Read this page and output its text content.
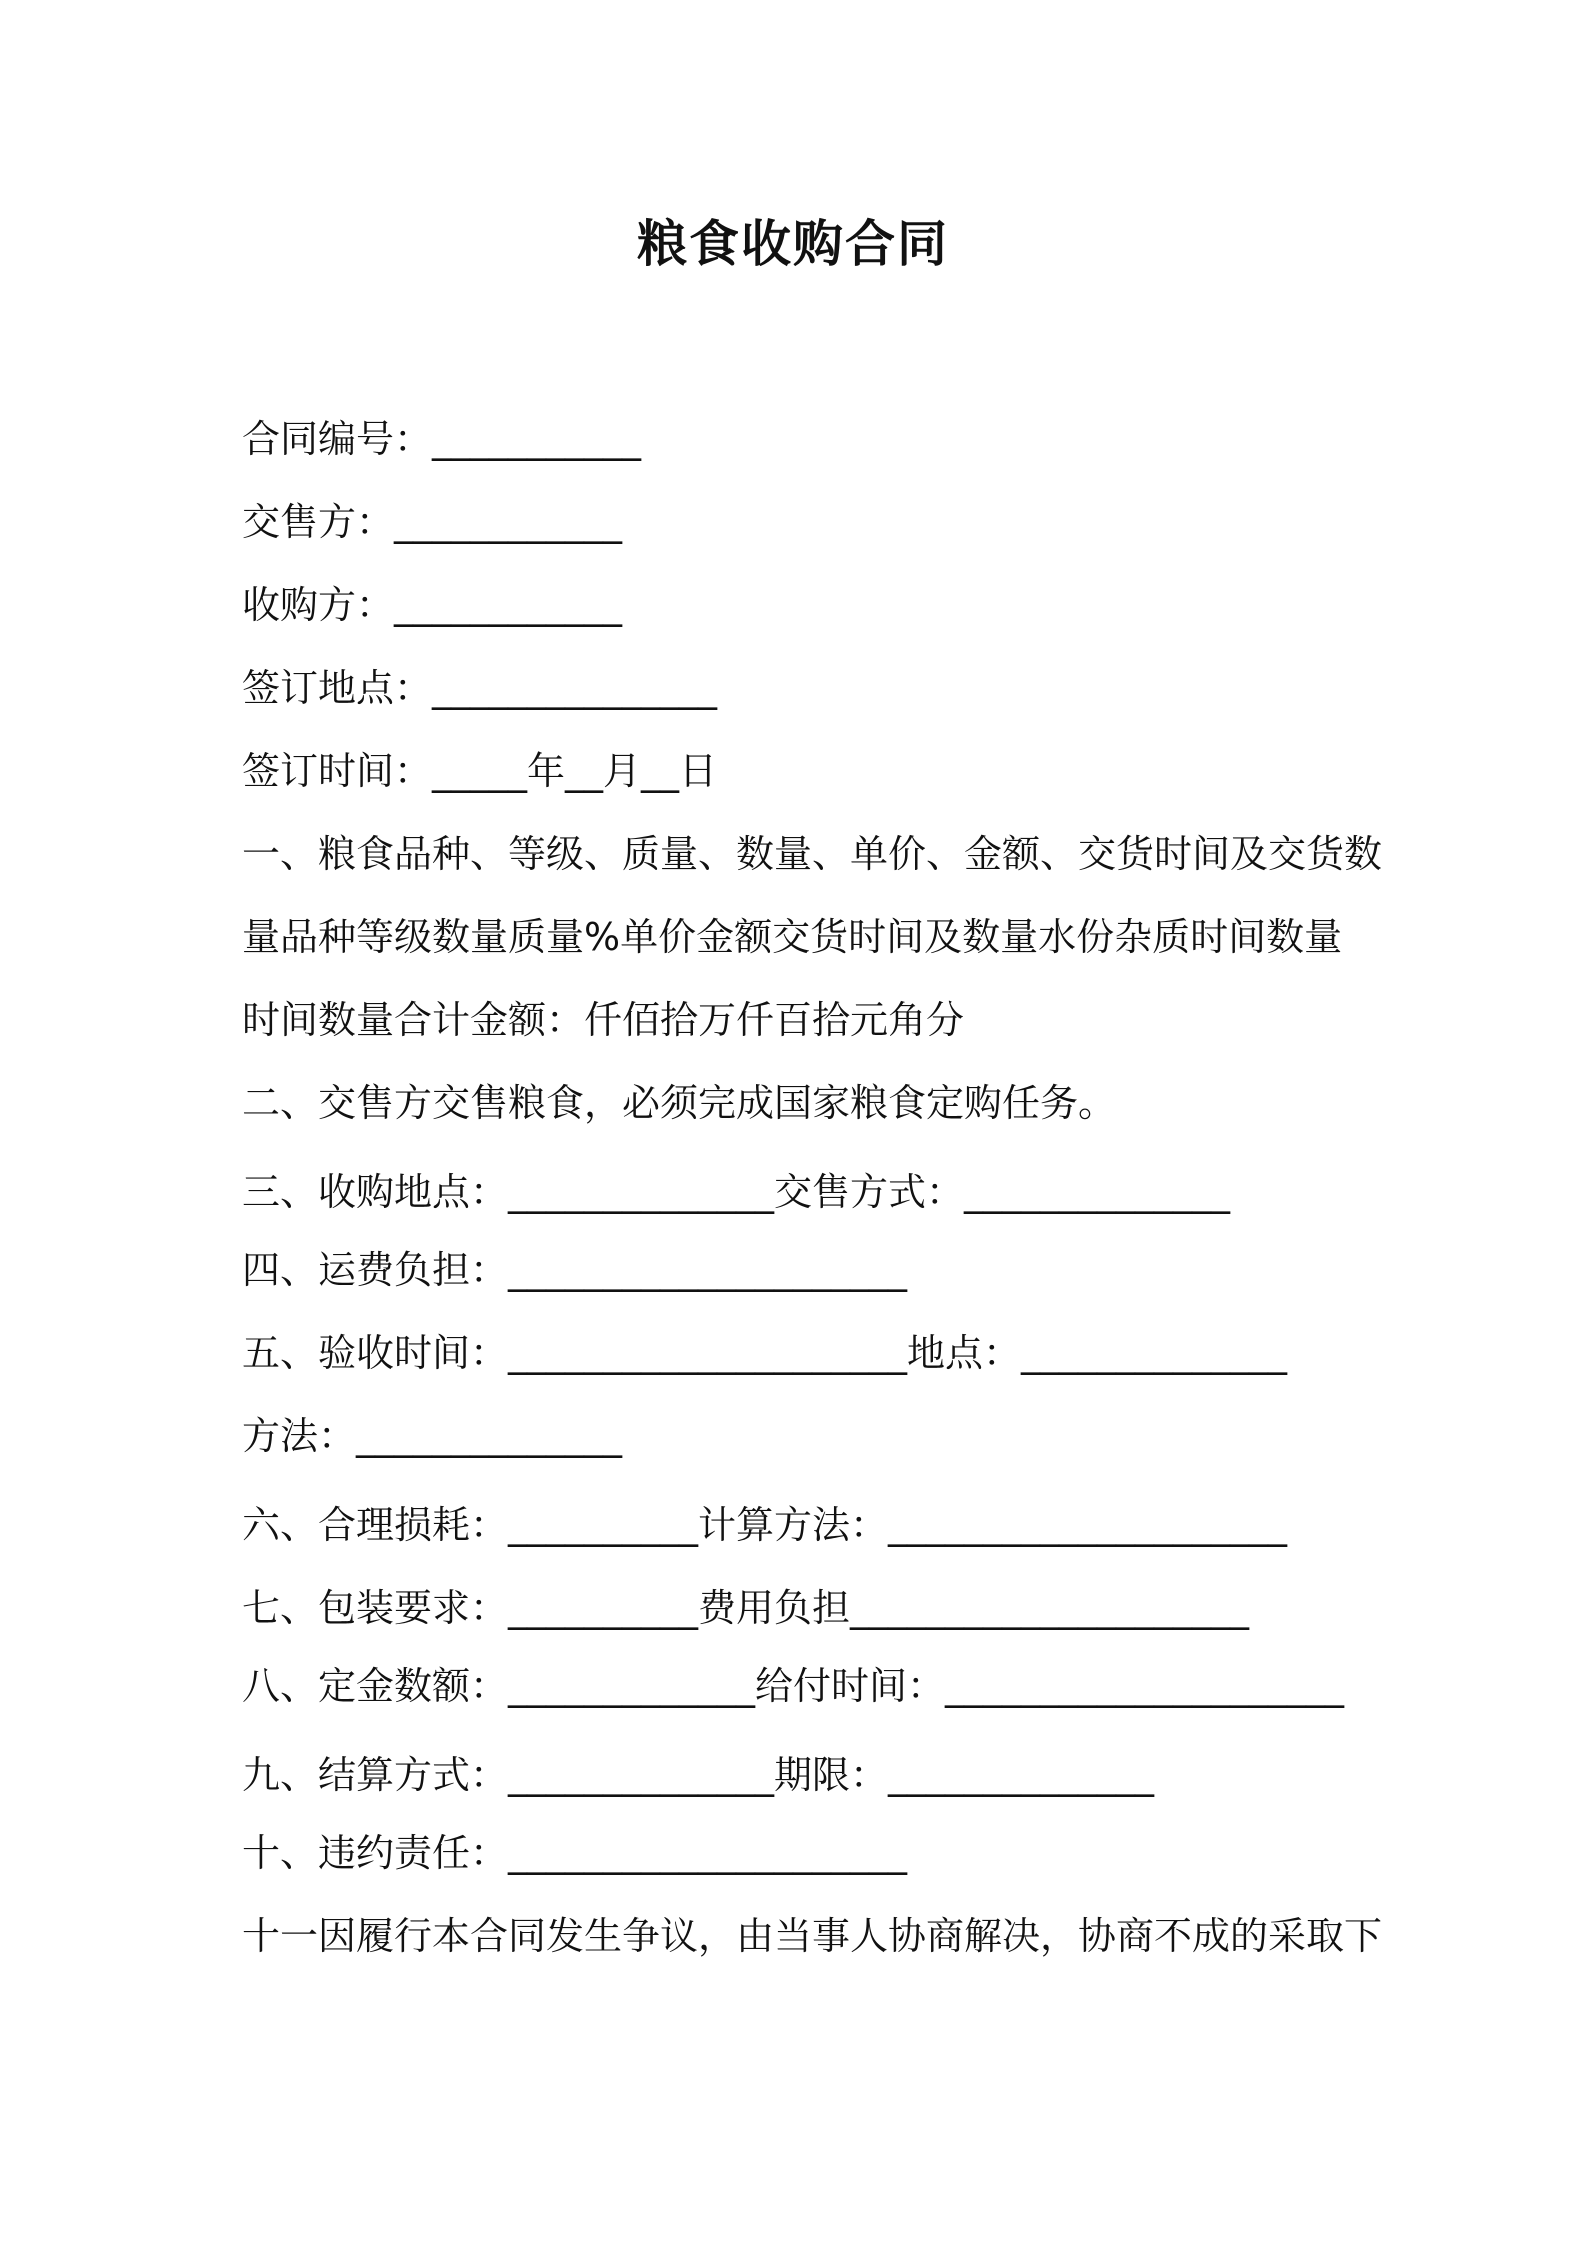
粮食收购合同
合同编号：___________
交售方：____________
收购方：____________
签订地点：_______________
签订时间：_____年__月__日
一、粮食品种、等级、质量、数量、单价、金额、交货时间及交货数
量品种等级数量质量%单价金额交货时间及数量水份杂质时间数量
时间数量合计金额：仟佰拾万仟百拾元角分
二、交售方交售粮食，必须完成国家粮食定购任务。
三、收购地点：______________交售方式：______________
四、运费负担：_____________________
五、验收时间：_____________________地点：______________
方法：______________
六、合理损耗：__________计算方法：_____________________
七、包装要求：__________费用负担_____________________
八、定金数额：_____________给付时间：_____________________
九、结算方式：______________期限：______________
十、违约责任：_____________________
十一因履行本合同发生争议，由当事人协商解决，协商不成的采取下
